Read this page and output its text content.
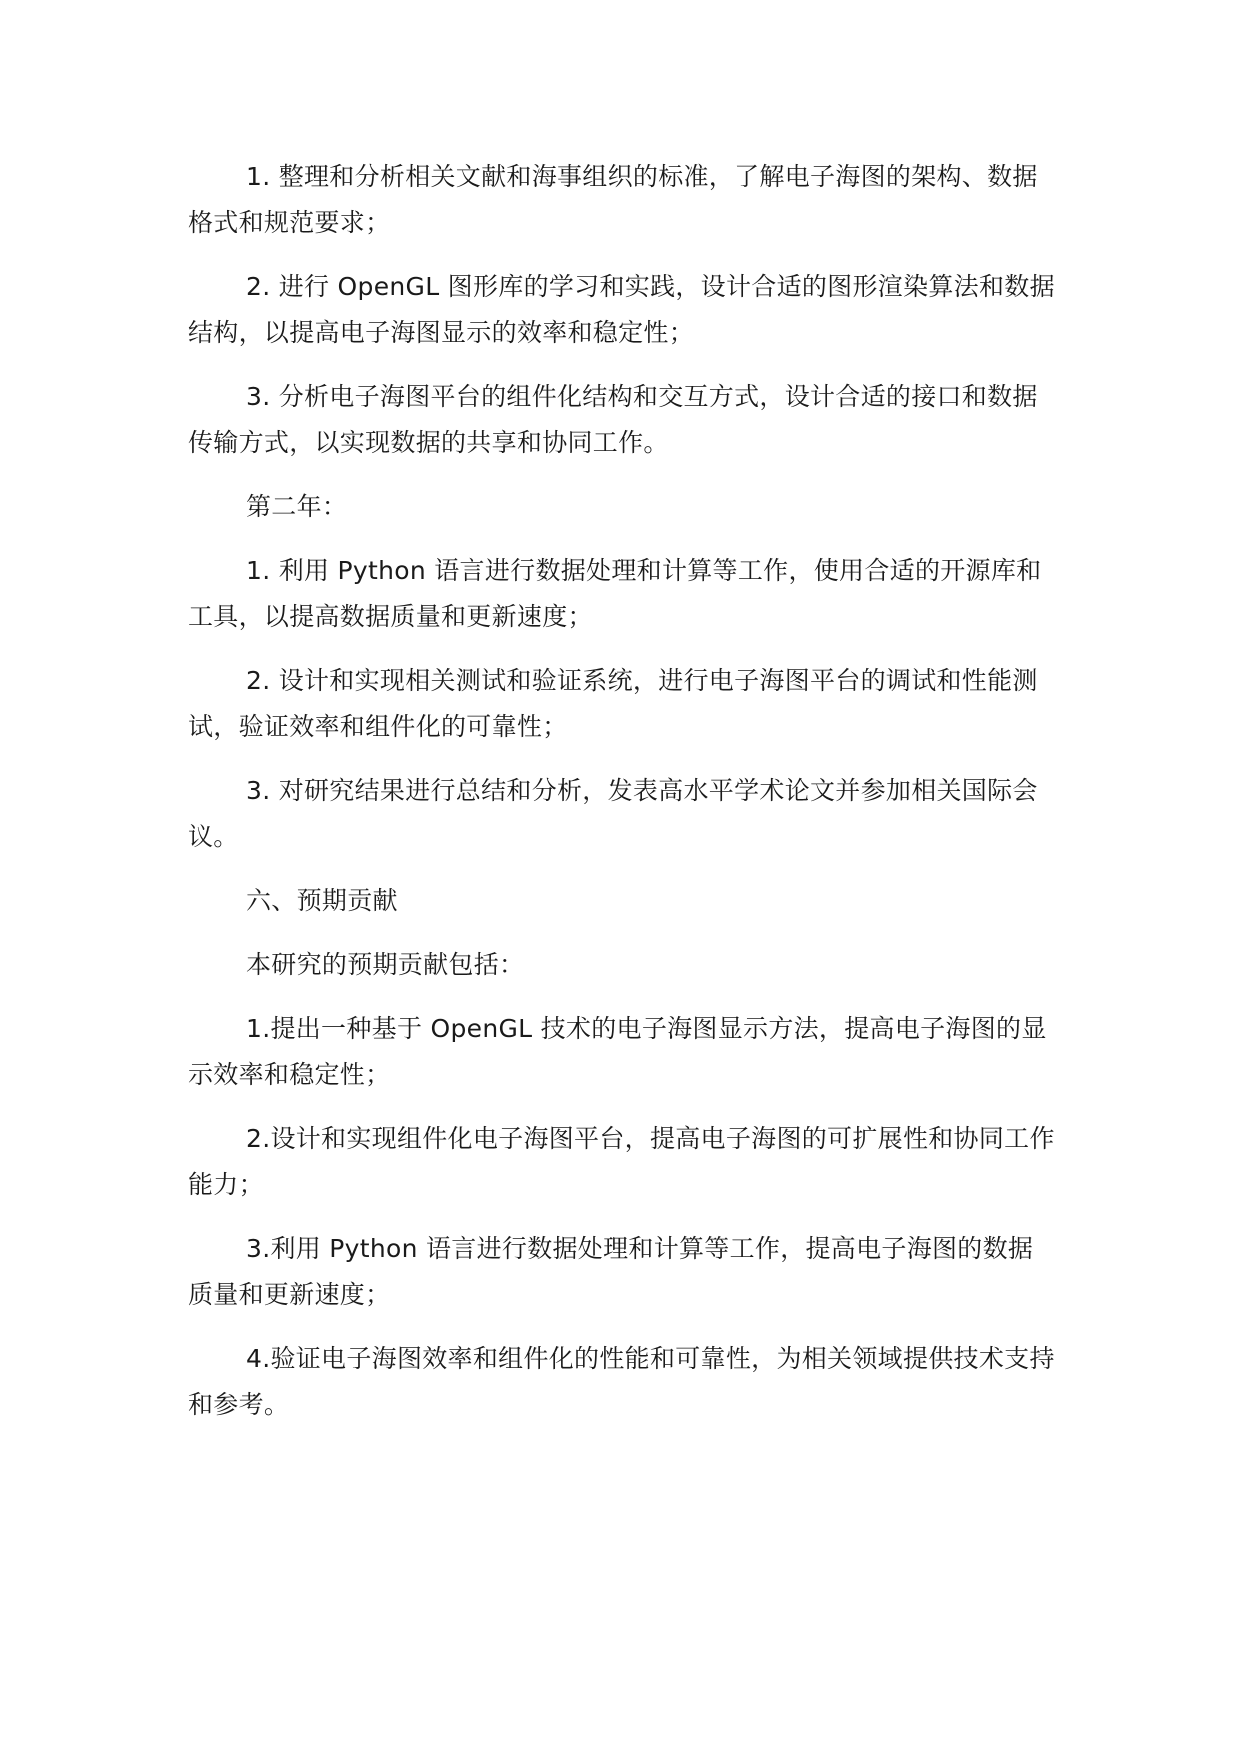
1. 整理和分析相关文献和海事组织的标准，了解电子海图的架构、数据格式和规范要求；

2. 进行 OpenGL 图形库的学习和实践，设计合适的图形渲染算法和数据结构，以提高电子海图显示的效率和稳定性；

3. 分析电子海图平台的组件化结构和交互方式，设计合适的接口和数据传输方式，以实现数据的共享和协同工作。

第二年：

1. 利用 Python 语言进行数据处理和计算等工作，使用合适的开源库和工具，以提高数据质量和更新速度；

2. 设计和实现相关测试和验证系统，进行电子海图平台的调试和性能测试，验证效率和组件化的可靠性；

3. 对研究结果进行总结和分析，发表高水平学术论文并参加相关国际会议。

六、预期贡献

本研究的预期贡献包括：

1.提出一种基于 OpenGL 技术的电子海图显示方法，提高电子海图的显示效率和稳定性；

2.设计和实现组件化电子海图平台，提高电子海图的可扩展性和协同工作能力；

3.利用 Python 语言进行数据处理和计算等工作，提高电子海图的数据质量和更新速度；

4.验证电子海图效率和组件化的性能和可靠性，为相关领域提供技术支持和参考。
